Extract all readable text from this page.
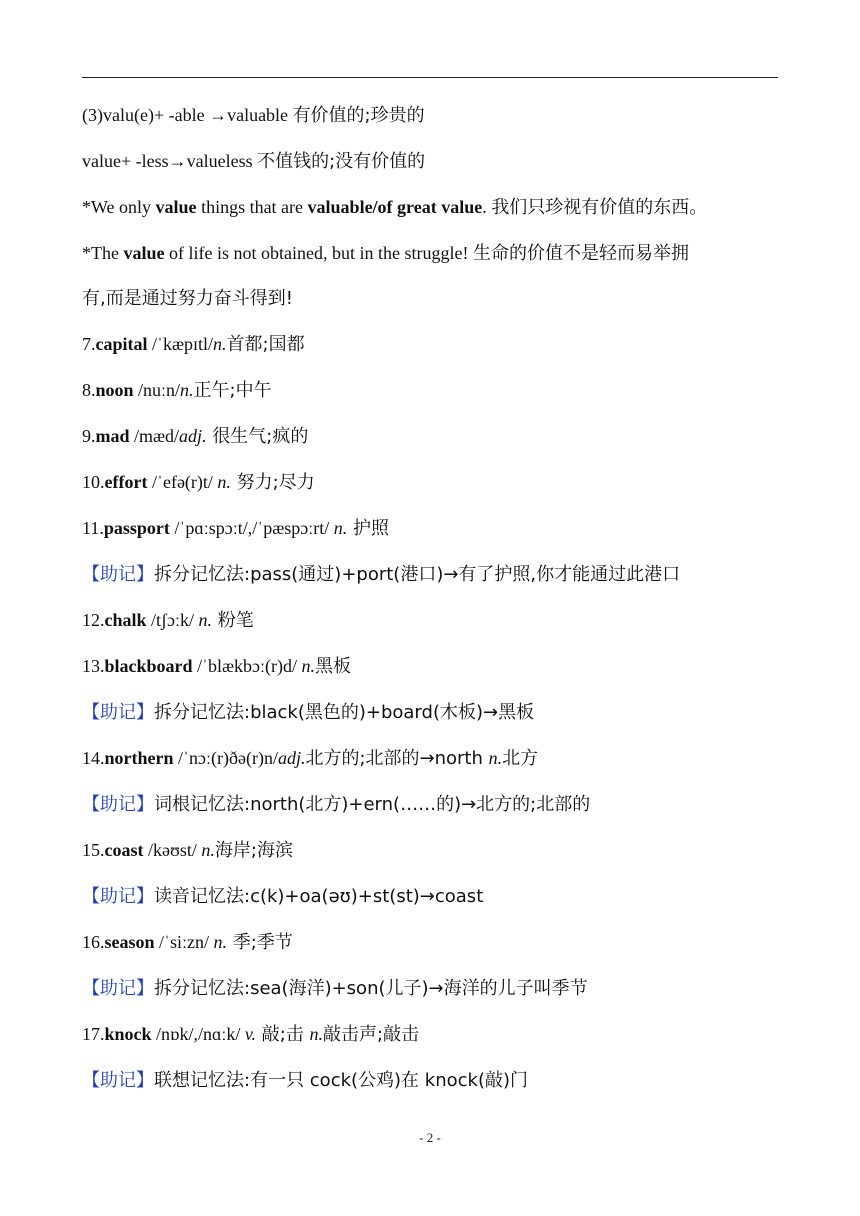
(3)valu(e)+ -able →valuable 有价值的;珍贵的

value+ -less→valueless 不值钱的;没有价值的

*We only value things that are valuable/of great value. 我们只珍视有价值的东西。

*The value of life is not obtained, but in the struggle! 生命的价值不是轻而易举拥
有,而是通过努力奋斗得到!

7.capital /ˈkæpɪtl/n.首都;国都

8.noon /nuːn/n.正午;中午

9.mad /mæd/adj. 很生气;疯的

10.effort /ˈefə(r)t/ n. 努力;尽力

11.passport /ˈpɑːspɔːt/,/ˈpæspɔːrt/ n. 护照

【助记】拆分记忆法:pass(通过)+port(港口)→有了护照,你才能通过此港口

12.chalk /tʃɔːk/ n. 粉笔

13.blackboard /ˈblækbɔː(r)d/ n.黑板

【助记】拆分记忆法:black(黑色的)+board(木板)→黑板

14.northern /ˈnɔː(r)ðə(r)n/adj.北方的;北部的→north n.北方

【助记】词根记忆法:north(北方)+ern(……的)→北方的;北部的

15.coast /kəʊst/ n.海岸;海滨

【助记】读音记忆法:c(k)+oa(əʊ)+st(st)→coast

16.season /ˈsiːzn/ n. 季;季节

【助记】拆分记忆法:sea(海洋)+son(儿子)→海洋的儿子叫季节

17.knock /nɒk/,/nɑːk/ v. 敲;击 n.敲击声;敲击

【助记】联想记忆法:有一只 cock(公鸡)在 knock(敲)门

- 2 -
